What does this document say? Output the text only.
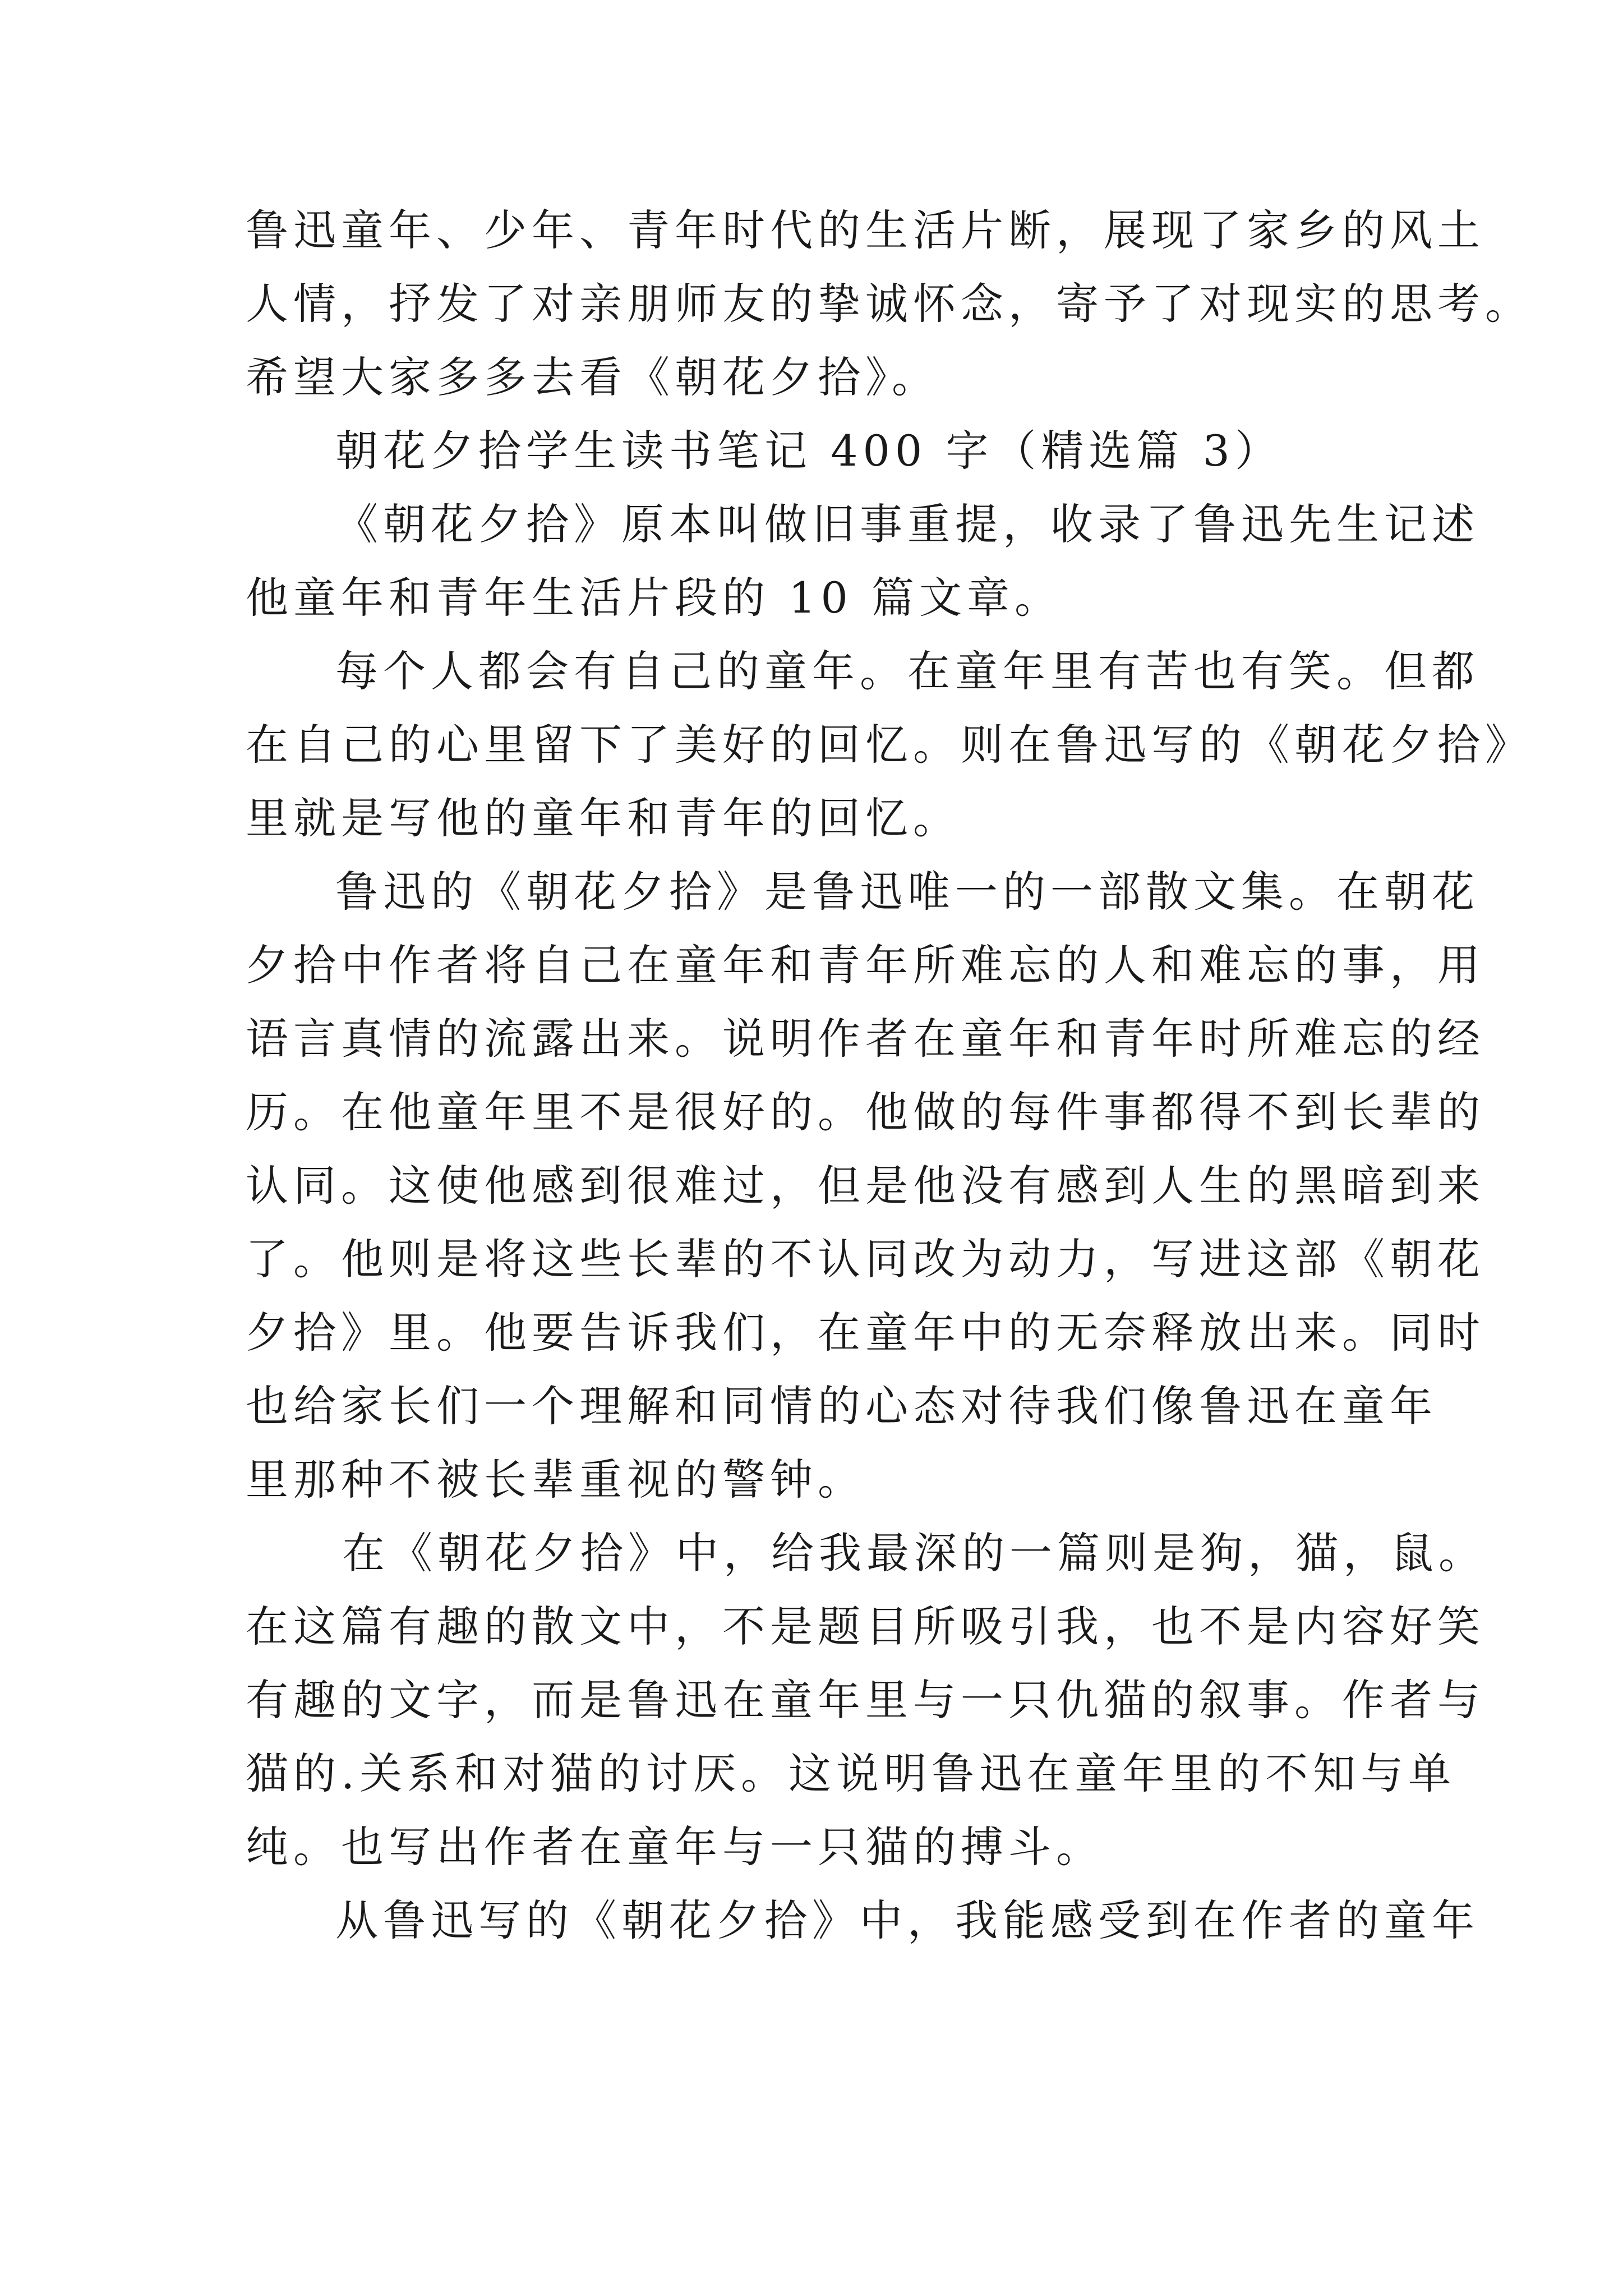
鲁迅童年、少年、青年时代的生活片断，展现了家乡的风土
人情，抒发了对亲朋师友的挚诚怀念，寄予了对现实的思考。
希望大家多多去看《朝花夕拾》。
朝花夕拾学生读书笔记 400 字（精选篇 3）
《朝花夕拾》原本叫做旧事重提，收录了鲁迅先生记述
他童年和青年生活片段的 10 篇文章。
每个人都会有自己的童年。在童年里有苦也有笑。但都
在自己的心里留下了美好的回忆。则在鲁迅写的《朝花夕拾》
里就是写他的童年和青年的回忆。
鲁迅的《朝花夕拾》是鲁迅唯一的一部散文集。在朝花
夕拾中作者将自己在童年和青年所难忘的人和难忘的事，用
语言真情的流露出来。说明作者在童年和青年时所难忘的经
历。在他童年里不是很好的。他做的每件事都得不到长辈的
认同。这使他感到很难过，但是他没有感到人生的黑暗到来
了。他则是将这些长辈的不认同改为动力，写进这部《朝花
夕拾》里。他要告诉我们，在童年中的无奈释放出来。同时
也给家长们一个理解和同情的心态对待我们像鲁迅在童年
里那种不被长辈重视的警钟。
在《朝花夕拾》中，给我最深的一篇则是狗，猫，鼠。
在这篇有趣的散文中，不是题目所吸引我，也不是内容好笑
有趣的文字，而是鲁迅在童年里与一只仇猫的叙事。作者与
猫的.关系和对猫的讨厌。这说明鲁迅在童年里的不知与单
纯。也写出作者在童年与一只猫的搏斗。
从鲁迅写的《朝花夕拾》中，我能感受到在作者的童年
